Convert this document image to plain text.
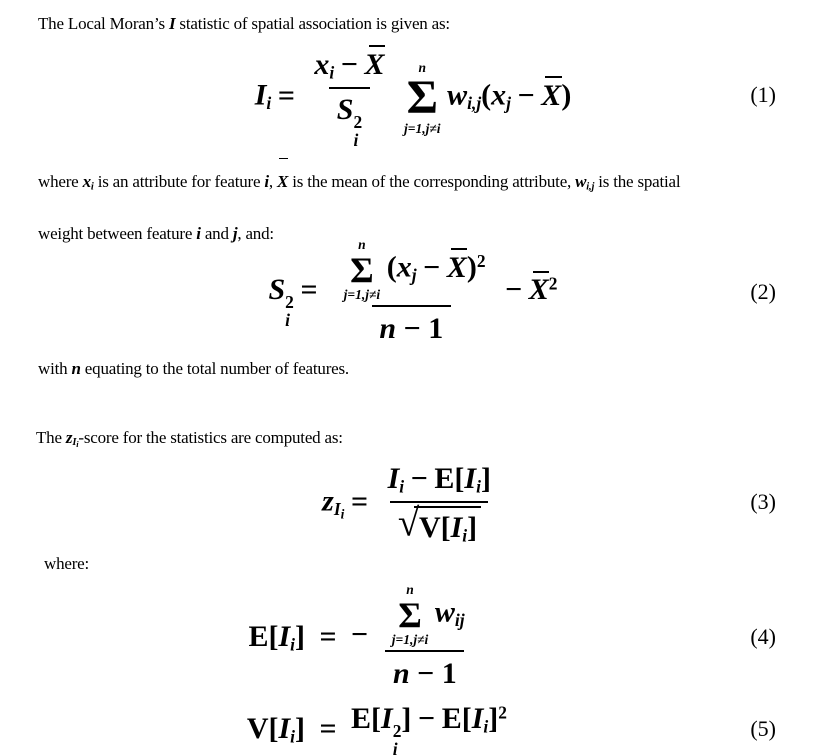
The Local Moran’s I statistic of spatial association is given as:
$I_i = x_i - X$
S 2
i n
Σ
j=1,j≠i
$w_{i,j}(x_j - X)$	(1)
where xi is an attribute for feature i, X is the mean of the corresponding attribute, wi,j is the spatial
weight between feature i and j, and:
S 2
i
= n
Σ
j=1,j≠i
$(x_j - X)^2$
$n - 1 - X^2$	(2)
with n equating to the total number of features.
The zIi-score for the statistics are computed as:
$z_{Ii} = \frac{I_i - E[I_i]}{√ V[I_i]}$	(3)
where:
$E[I_i]$ = − n
Σ
j=1,j≠i
$w_{ij}$
n − 1	(4)
$V[I_i] = E[I$ 2
i
] − $E[I_i]^2$
(5)
